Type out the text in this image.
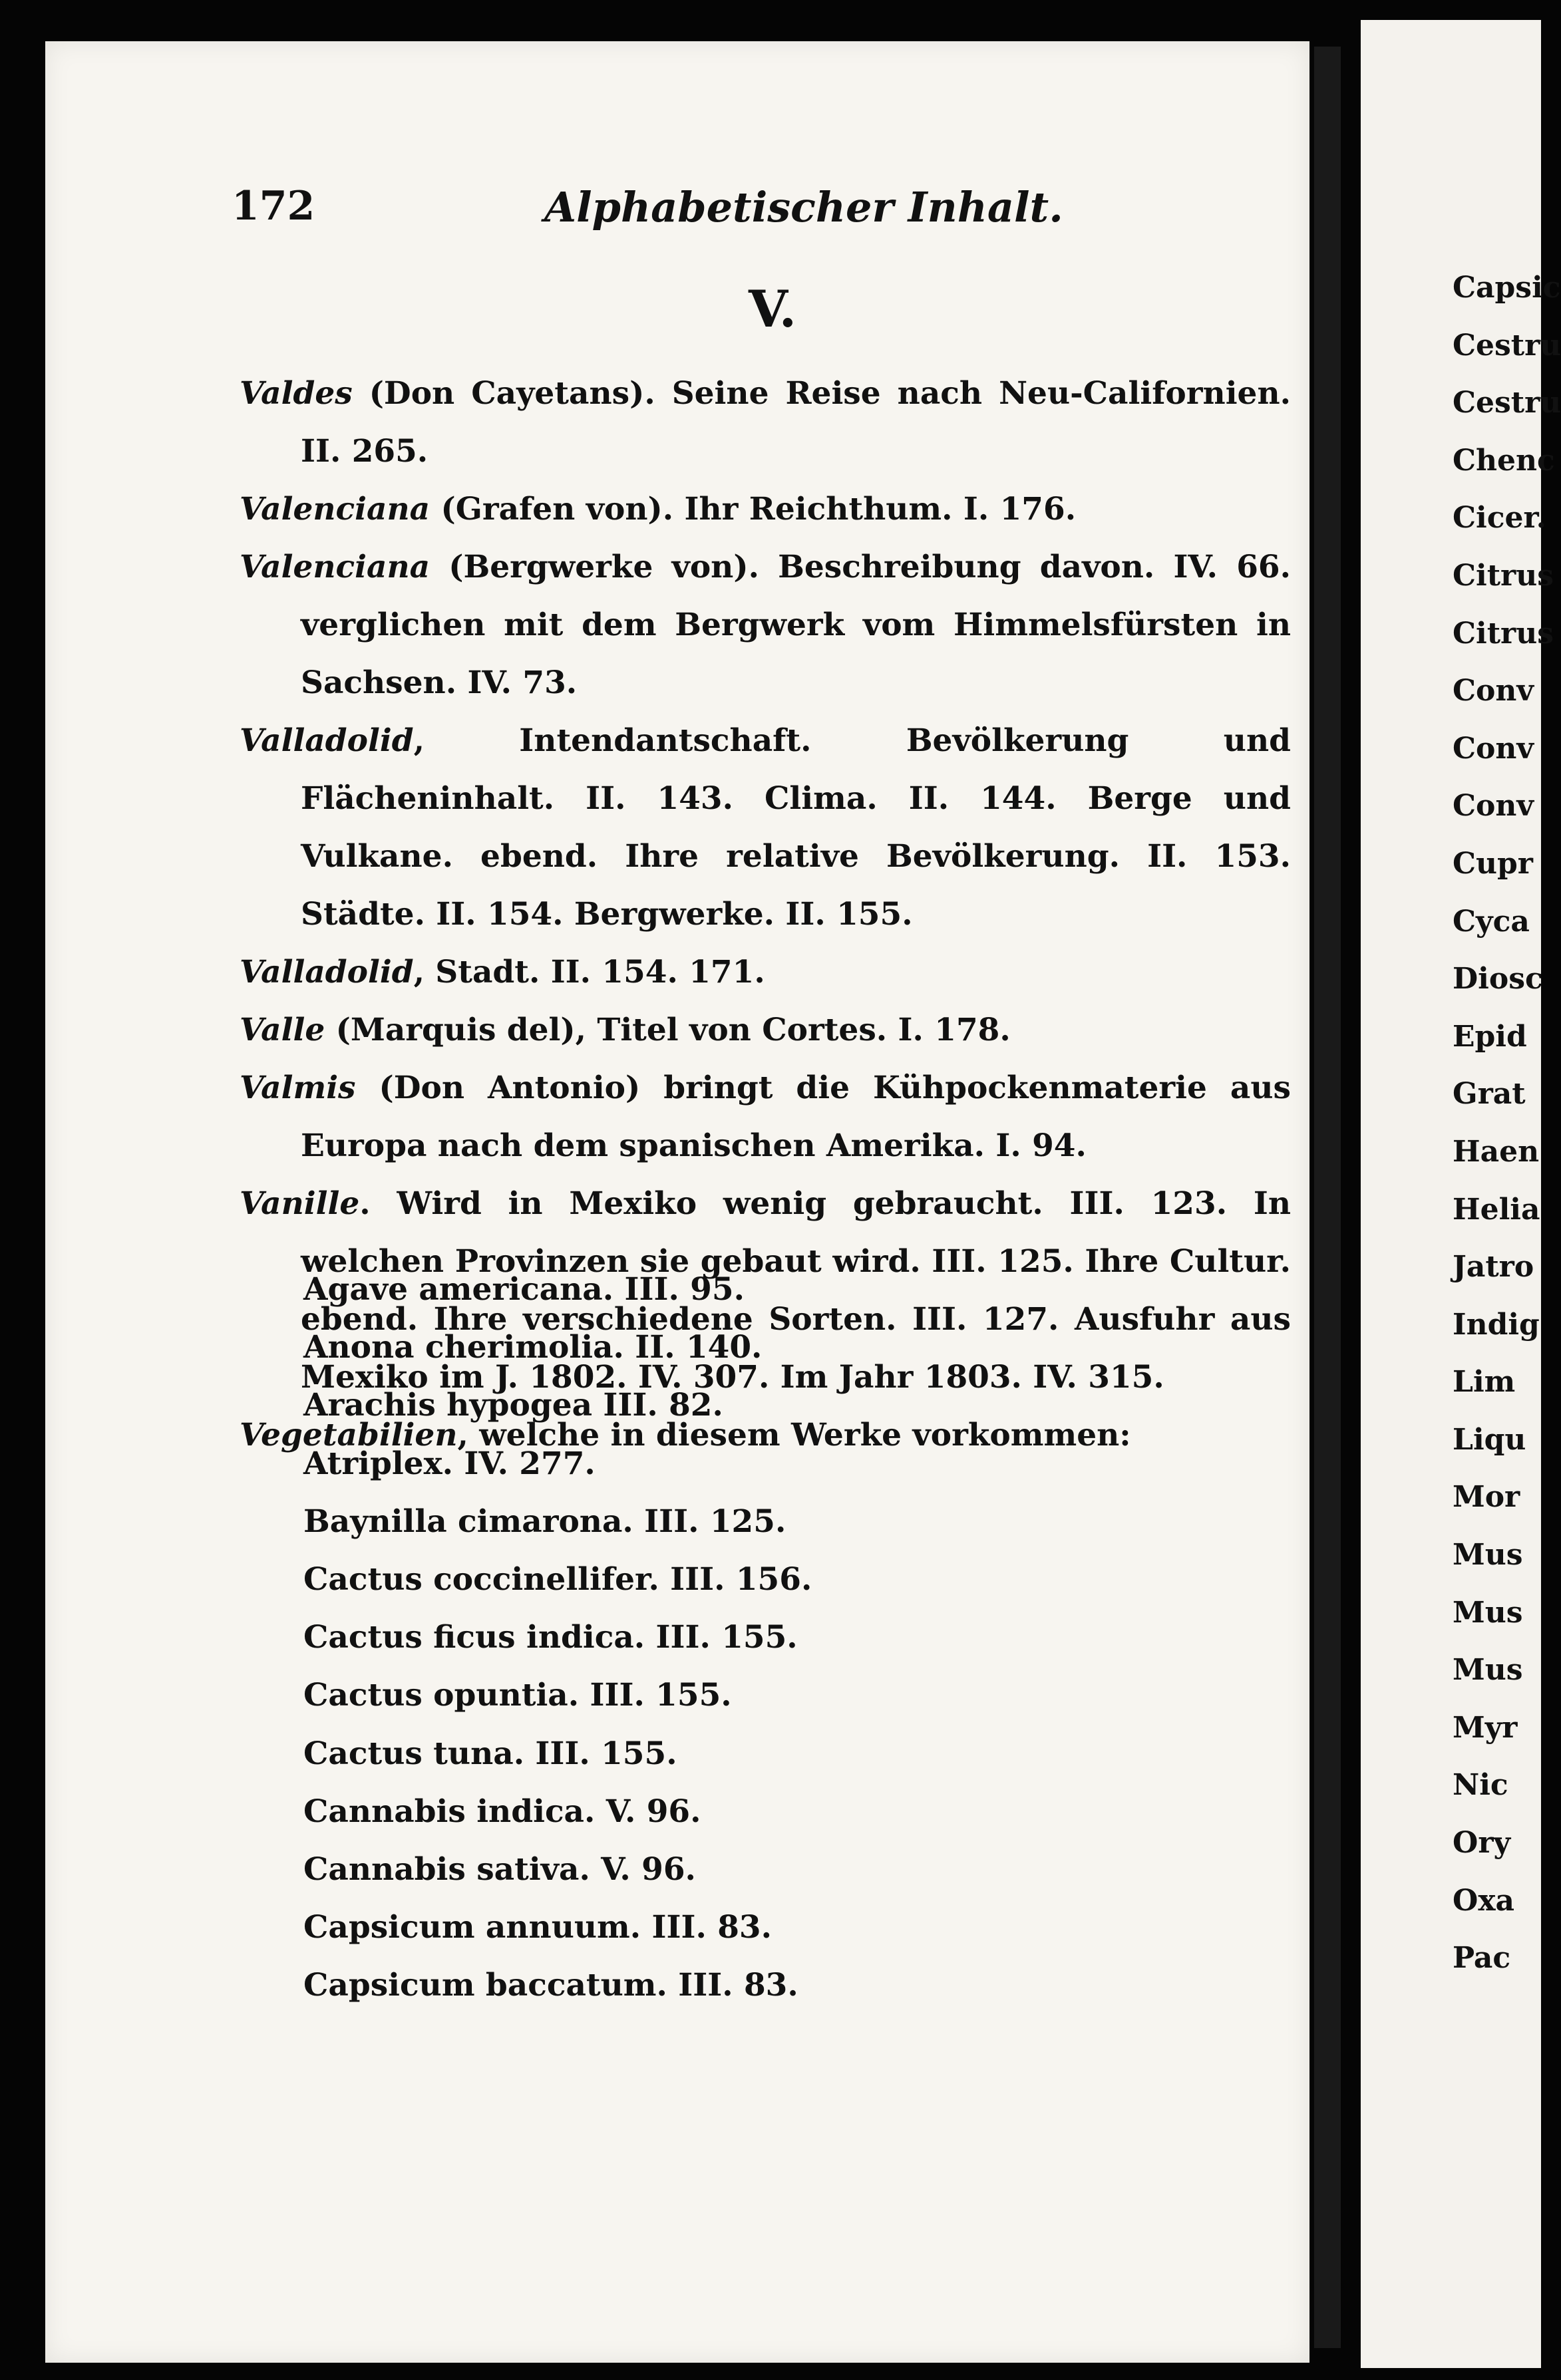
Capsic
Cestru
Cestru
Chenc
Cicer.
Citrus
Citrus
Conv
Conv
Conv
Cupr
Cyca
Diosc
Epid
Grat
Haen
Helia
Jatro
Indig
Lim
Liqu
Mor
Mus
Mus
Mus
Myr
Nic
Ory
Oxa
Pac
172	Alphabetischer Inhalt.
V.

Valdes (Don Cayetans). Seine Reise nach Neu-Californien. II. 265.

Valenciana (Grafen von). Ihr Reichthum. I. 176.

Valenciana (Bergwerke von). Beschreibung davon. IV. 66. verglichen mit dem Bergwerk vom Himmelsfürsten in Sachsen. IV. 73.

Valladolid, Intendantschaft. Bevölkerung und Flächeninhalt. II. 143. Clima. II. 144. Berge und Vulkane. ebend. Ihre relative Bevölkerung. II. 153. Städte. II. 154. Bergwerke. II. 155.

Valladolid, Stadt. II. 154. 171.

Valle (Marquis del), Titel von Cortes. I. 178.

Valmis (Don Antonio) bringt die Kühpockenmaterie aus Europa nach dem spanischen Amerika. I. 94.

Vanille. Wird in Mexiko wenig gebraucht. III. 123. In welchen Provinzen sie gebaut wird. III. 125. Ihre Cultur. ebend. Ihre verschiedene Sorten. III. 127. Ausfuhr aus Mexiko im J. 1802. IV. 307. Im Jahr 1803. IV. 315.

Vegetabilien, welche in diesem Werke vorkommen:

Agave americana. III. 95.

Anona cherimolia. II. 140.

Arachis hypogea III. 82.

Atriplex. IV. 277.

Baynilla cimarona. III. 125.

Cactus coccinellifer. III. 156.

Cactus ficus indica. III. 155.

Cactus opuntia. III. 155.

Cactus tuna. III. 155.

Cannabis indica. V. 96.

Cannabis sativa. V. 96.

Capsicum annuum. III. 83.

Capsicum baccatum. III. 83.
